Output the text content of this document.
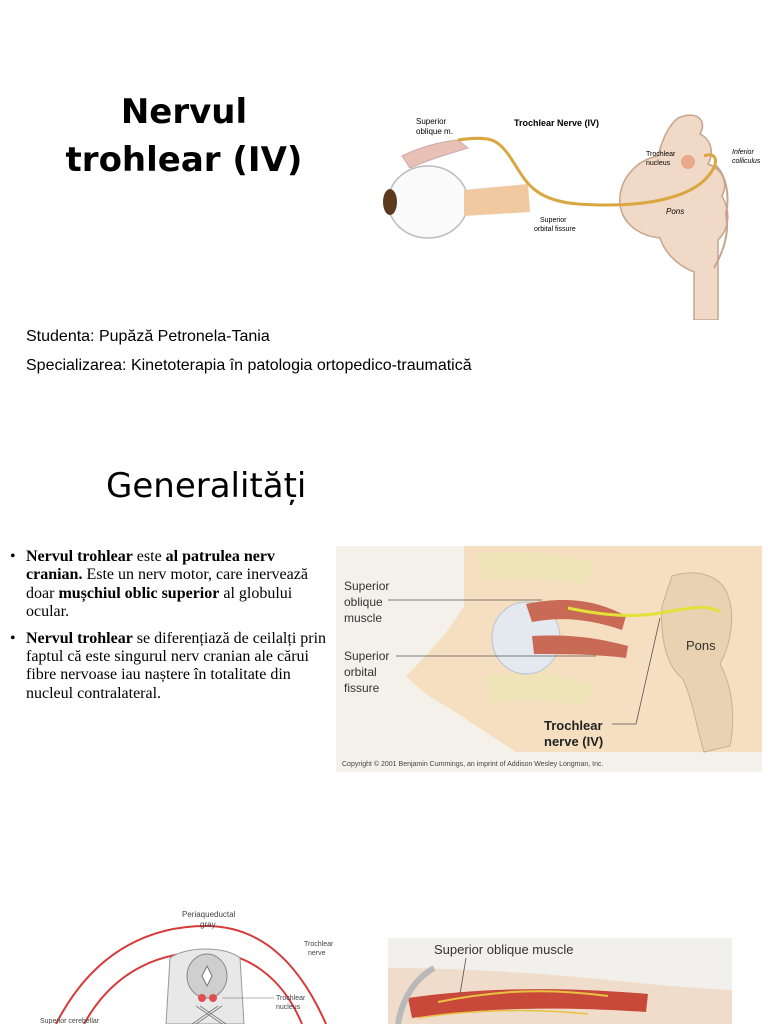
Nervul
trohlear (IV)
Superior
oblique m.
Trochlear Nerve (IV)
Trochlear
nucleus
Inferior
colliculus
Pons
Superior
orbital fissure
Studenta: Pupăză Petronela-Tania
Specializarea: Kinetoterapia în patologia ortopedico-traumatică
Generalități
• Nervul trohlear este al patrulea nerv cranian. Este un nerv motor, care inervează doar mușchiul oblic superior al globului ocular.
• Nervul trohlear se diferențiază de ceilalți prin faptul că este singurul nerv cranian ale cărui fibre nervoase iau naștere în totalitate din nucleul contralateral.
Superior
oblique
muscle
Superior
orbital
fissure
Pons
Trochlear
nerve (IV)
Copyright © 2001 Benjamin Cummings, an imprint of Addison Wesley Longman, Inc.
Periaqueductal
gray
Trochlear
nerve
Trochlear
nucleus
Superior cerebellar
Superior oblique muscle
